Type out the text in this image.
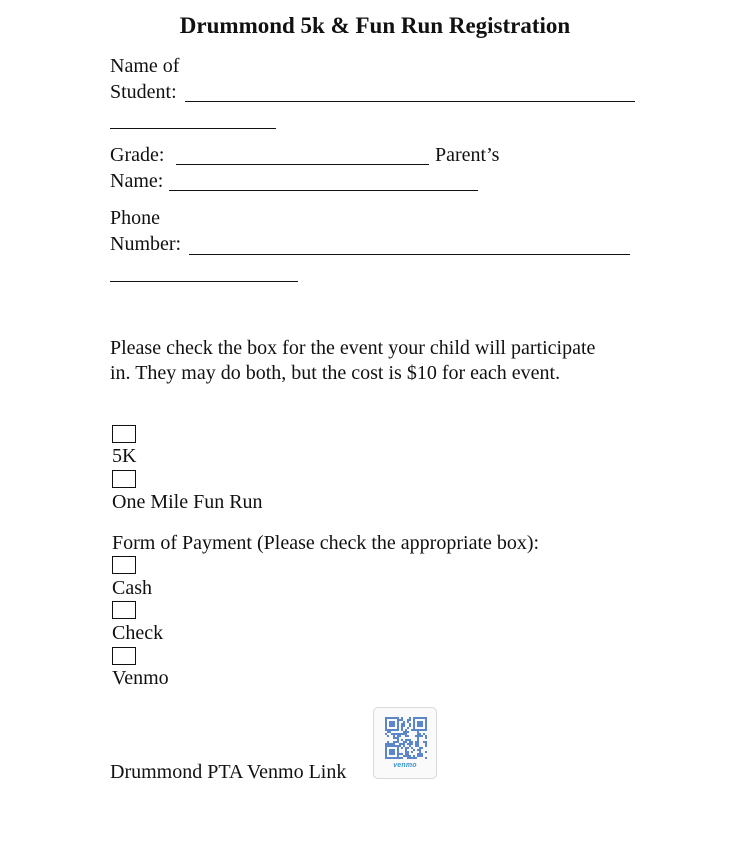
Drummond 5k & Fun Run Registration
Name of
Student:
Grade:	Parent’s
Name:
Phone
Number:
Please check the box for the event your child will participate in. They may do both, but the cost is $10 for each event.
5K
One Mile Fun Run
Form of Payment (Please check the appropriate box):
Cash
Check
Venmo
Drummond PTA Venmo Link	venmo
